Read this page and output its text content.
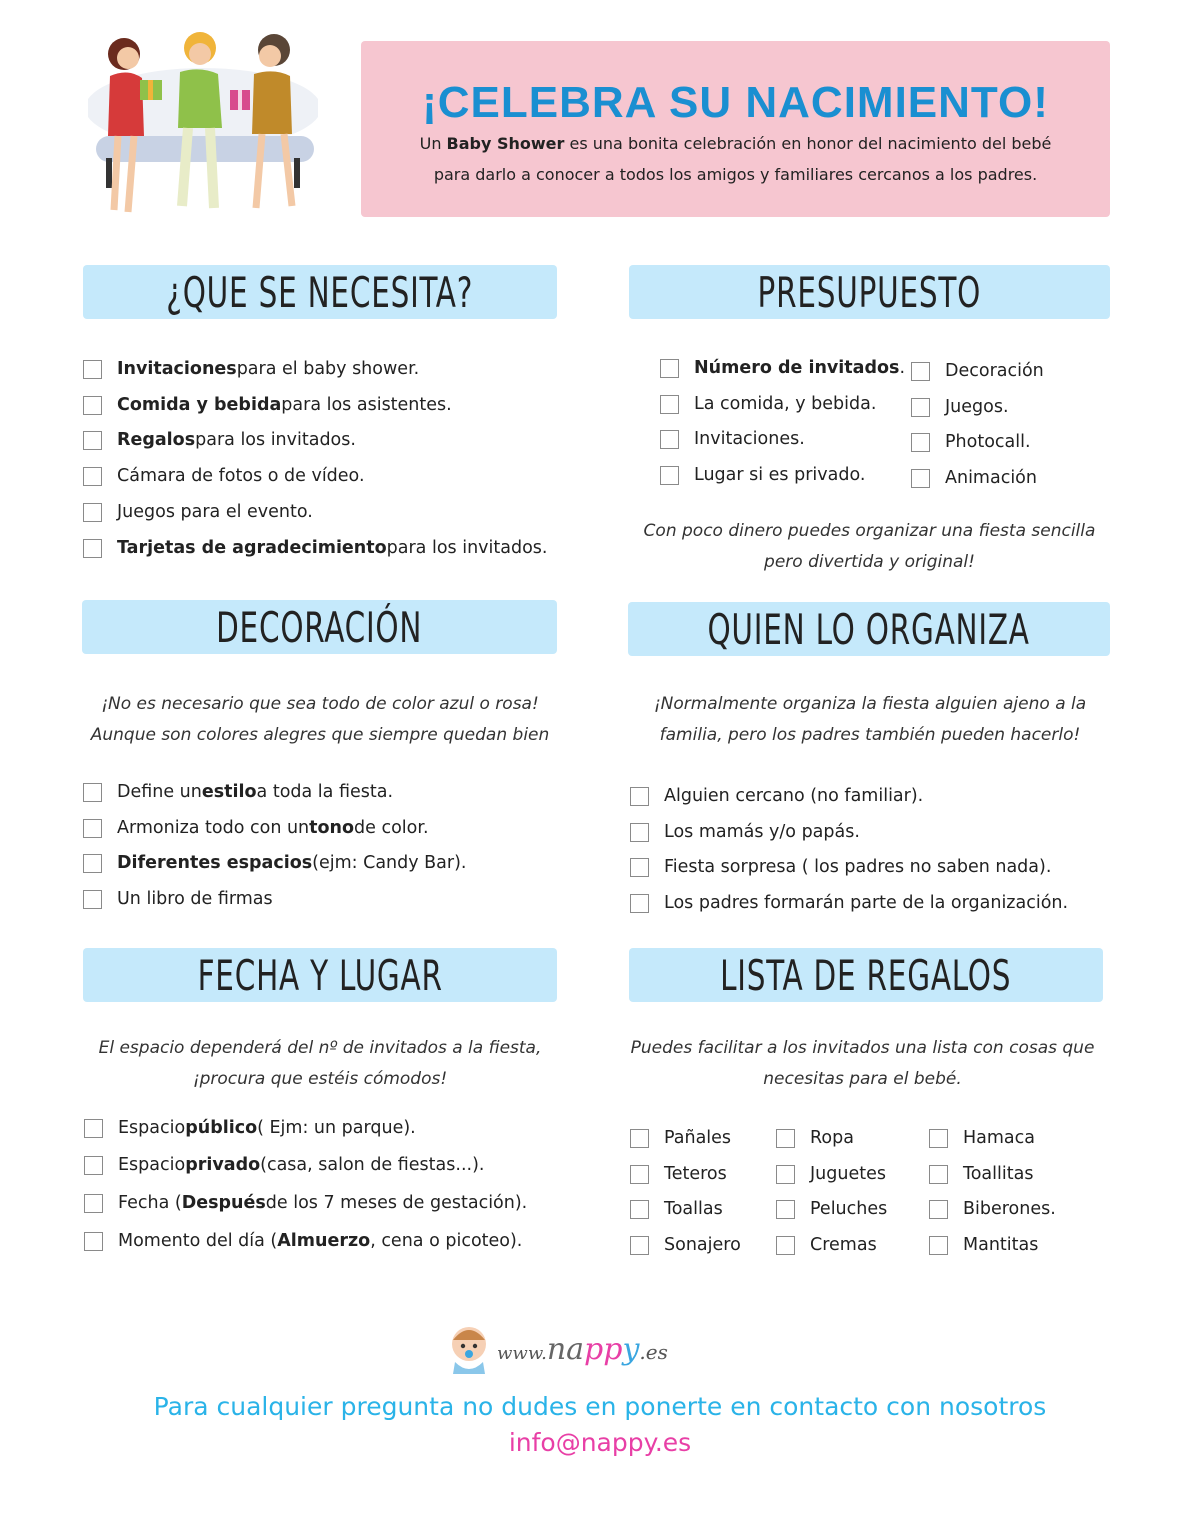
¡CELEBRA SU NACIMIENTO!
Un Baby Shower es una bonita celebración en honor del nacimiento del bebé
para darlo a conocer a todos los amigos y familiares cercanos a los padres.
¿QUE SE NECESITA?
Invitaciones para el baby shower.
Comida y bebida para los asistentes.
Regalos para los invitados.
Cámara de fotos o de vídeo.
Juegos para el evento.
Tarjetas de agradecimiento para los invitados.
PRESUPUESTO
Número de invitados .
La comida, y bebida.
Invitaciones.
Lugar si es privado.
Decoración
Juegos.
Photocall.
Animación
Con poco dinero puedes organizar una fiesta sencilla
pero divertida y original!
DECORACIÓN
¡No es necesario que sea todo de color azul o rosa!
Aunque son colores alegres que siempre quedan bien
Define un estilo a toda la fiesta.
Armoniza todo con un tono de color.
Diferentes espacios (ejm: Candy Bar).
Un libro de firmas
QUIEN LO ORGANIZA
¡Normalmente organiza la fiesta alguien ajeno a la
familia, pero los padres también pueden hacerlo!
Alguien cercano (no familiar).
Los mamás y/o papás.
Fiesta sorpresa ( los padres no saben nada).
Los padres formarán parte de la organización.
FECHA Y LUGAR
El espacio dependerá del nº de invitados a la fiesta,
¡procura que estéis cómodos!
Espacio público ( Ejm: un parque).
Espacio privado (casa, salon de fiestas...).
Fecha ( Después de los 7 meses de gestación).
Momento del día ( Almuerzo , cena o picoteo).
LISTA DE REGALOS
Puedes facilitar a los invitados una lista con cosas que
necesitas para el bebé.
Pañales
Teteros
Toallas
Sonajero
Ropa
Juguetes
Peluches
Cremas
Hamaca
Toallitas
Biberones.
Mantitas
www.nappy.es
Para cualquier pregunta no dudes en ponerte en contacto con nosotros
info@nappy.es
